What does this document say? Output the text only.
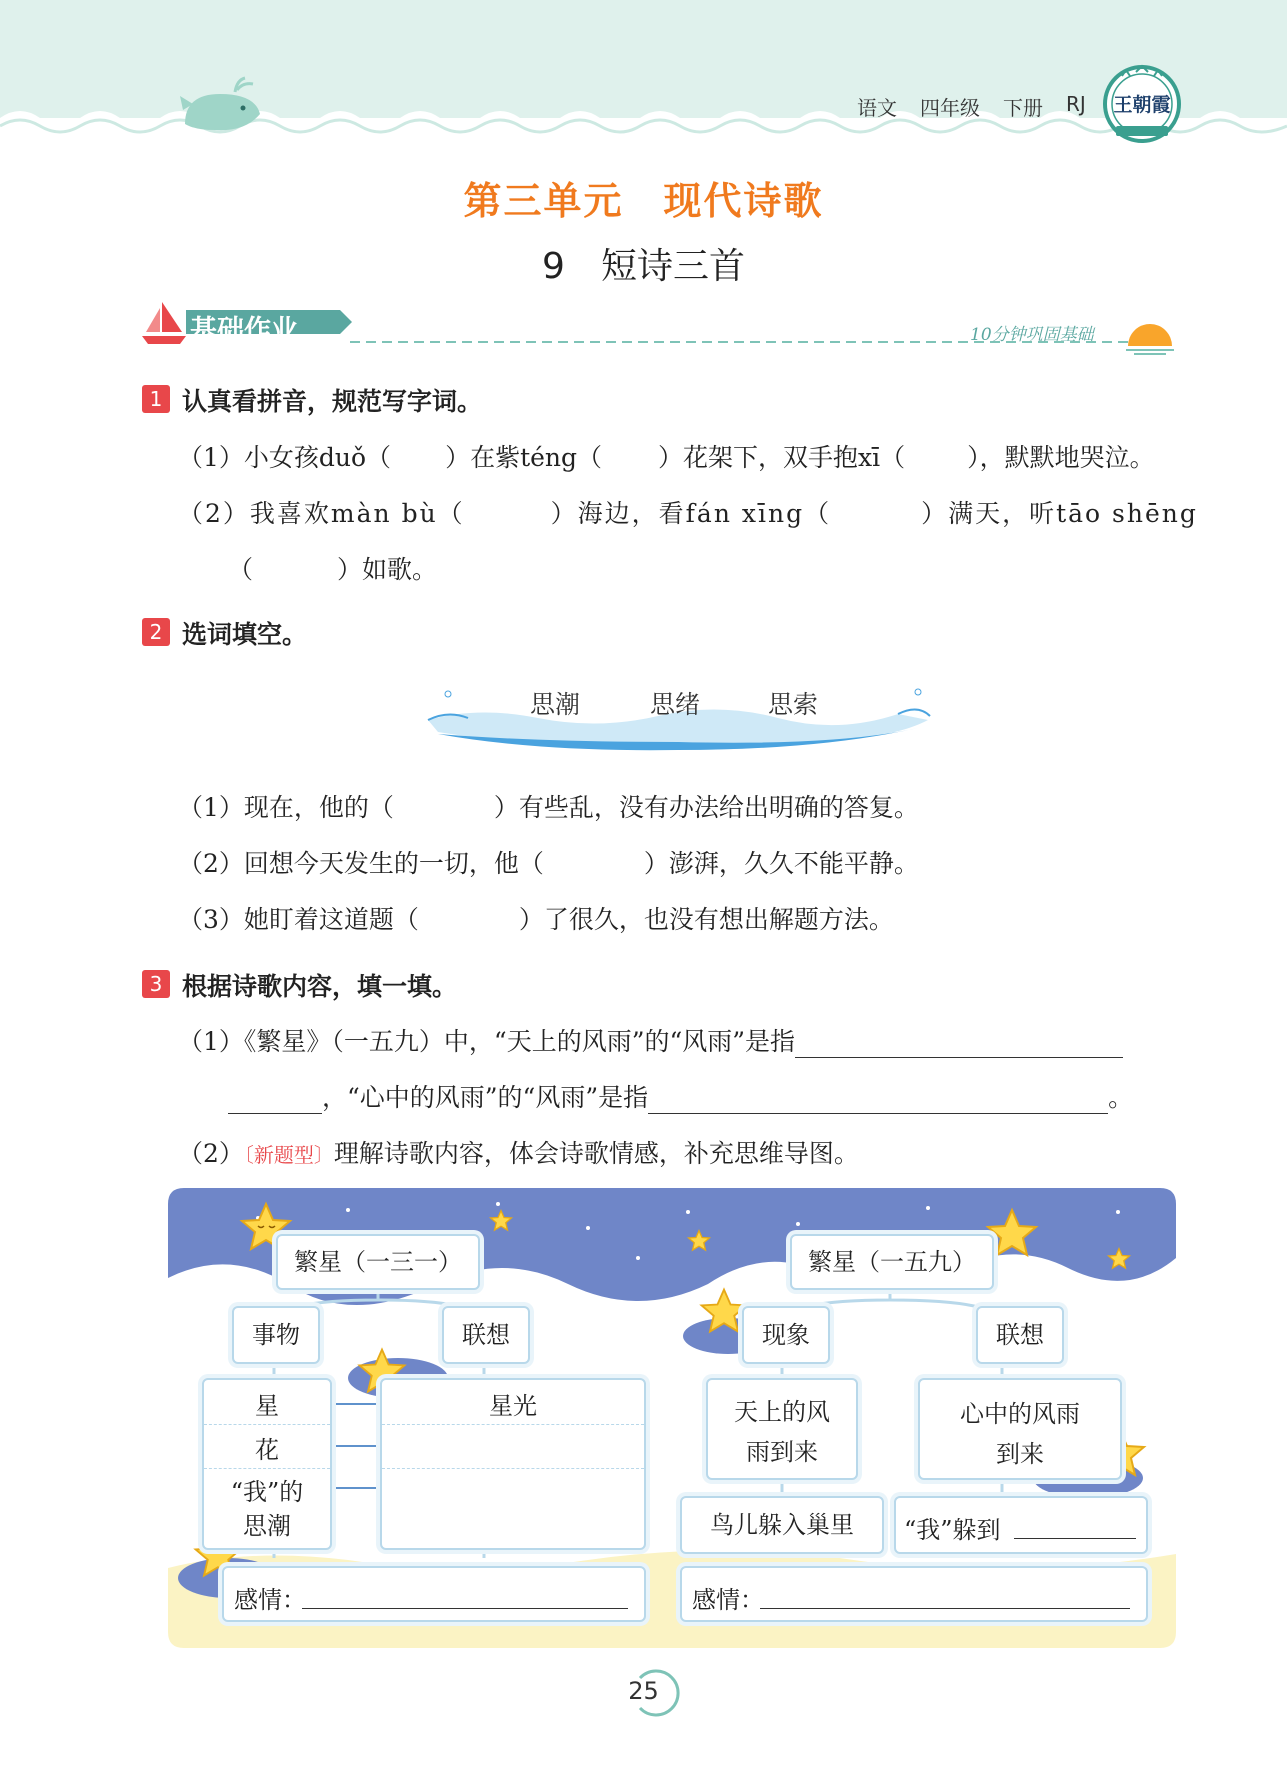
语文 四年级 下册 RJ 王朝霞
第三单元　现代诗歌
9　短诗三首
基础作业	10分钟巩固基础
1 认真看拼音，规范写字词。
（1）小女孩duǒ（ ）在紫téng（ ）花架下，双手抱xī（ ），默默地哭泣。
（2）我喜欢màn bù（	）海边，看fán xīng（	）满天，听tāo shēng
（	）如歌。
2 选词填空。
思潮	思绪	思索
（1）现在，他的（	）有些乱，没有办法给出明确的答复。
（2）回想今天发生的一切，他（	）澎湃，久久不能平静。
（3）她盯着这道题（	）了很久，也没有想出解题方法。
3 根据诗歌内容，填一填。
（1）《繁星》（一五九）中，“天上的风雨”的“风雨”是指
，“心中的风雨”的“风雨”是指	。
（2）〔新题型〕理解诗歌内容，体会诗歌情感，补充思维导图。
繁星（一三一）
事物	联想
星
花
“我”的
思潮
星光
感情：
繁星（一五九）
现象	联想
天上的风
雨到来
心中的风雨
到来
鸟儿躲入巢里	“我”躲到
感情：
25
